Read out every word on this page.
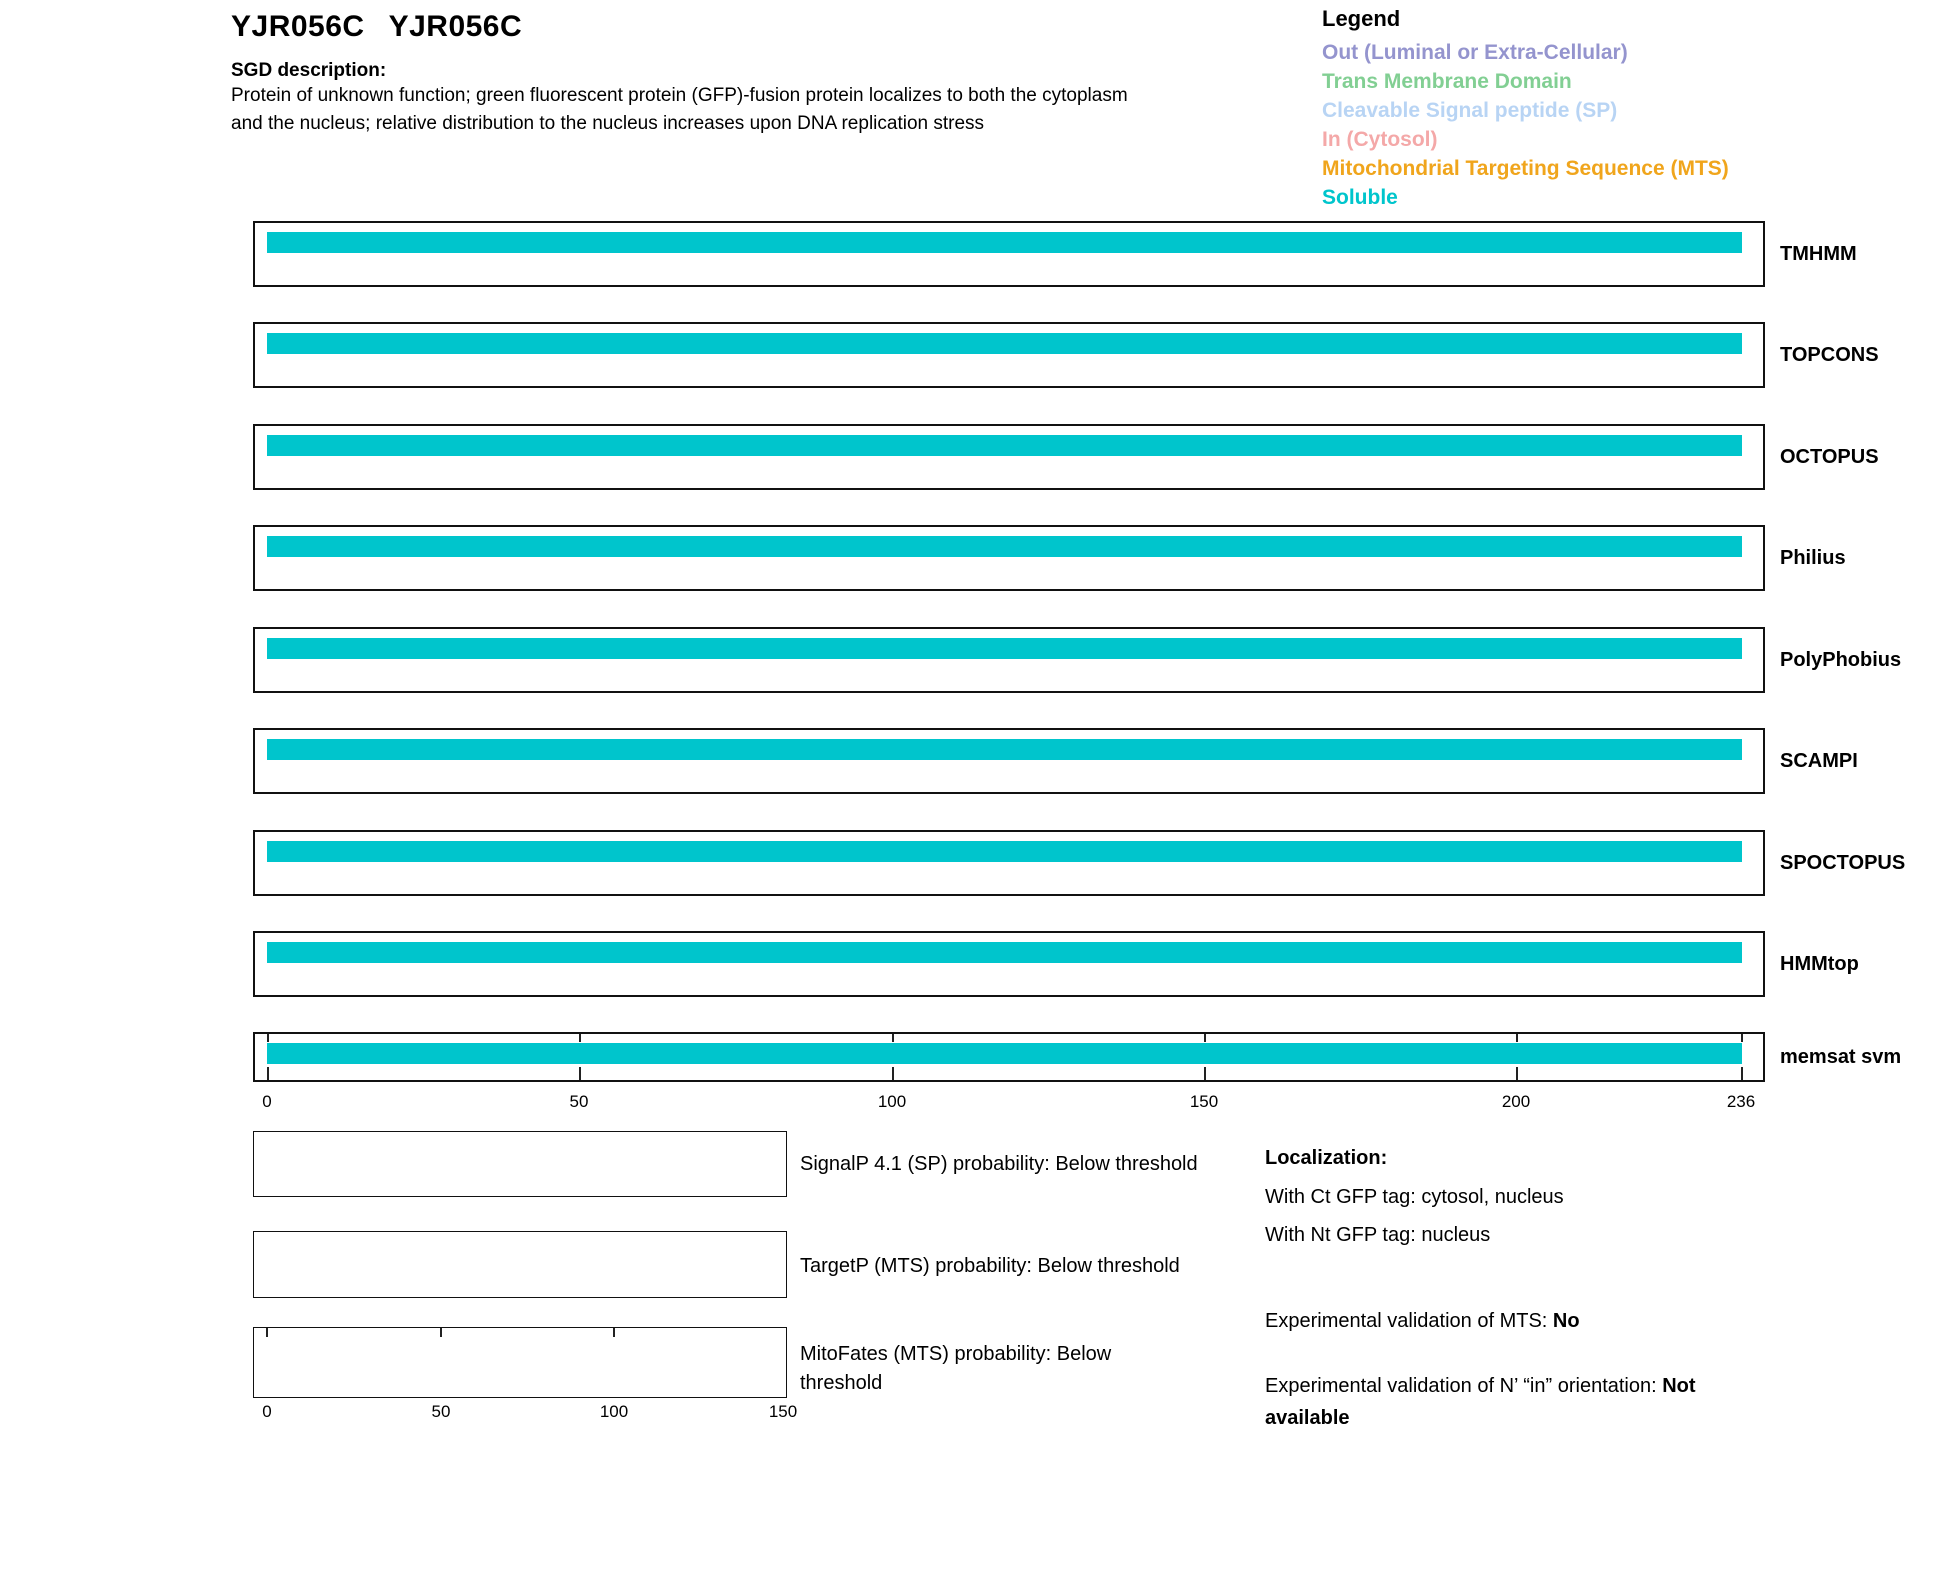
YJR056C YJR056C
SGD description:
Protein of unknown function; green fluorescent protein (GFP)-fusion protein localizes to both the cytoplasm
and the nucleus; relative distribution to the nucleus increases upon DNA replication stress
Legend
Out (Luminal or Extra-Cellular)
Trans Membrane Domain
Cleavable Signal peptide (SP)
In (Cytosol)
Mitochondrial Targeting Sequence (MTS)
Soluble
TMHMM
TOPCONS
OCTOPUS
Philius
PolyPhobius
SCAMPI
SPOCTOPUS
HMMtop
memsat svm
0	50	100	150	200	236
SignalP 4.1 (SP) probability: Below threshold
TargetP (MTS) probability: Below threshold
MitoFates (MTS) probability: Below threshold
0	50	100	150
Localization:
With Ct GFP tag: cytosol, nucleus
With Nt GFP tag: nucleus
Experimental validation of MTS: No
Experimental validation of N’ “in” orientation: Not available
